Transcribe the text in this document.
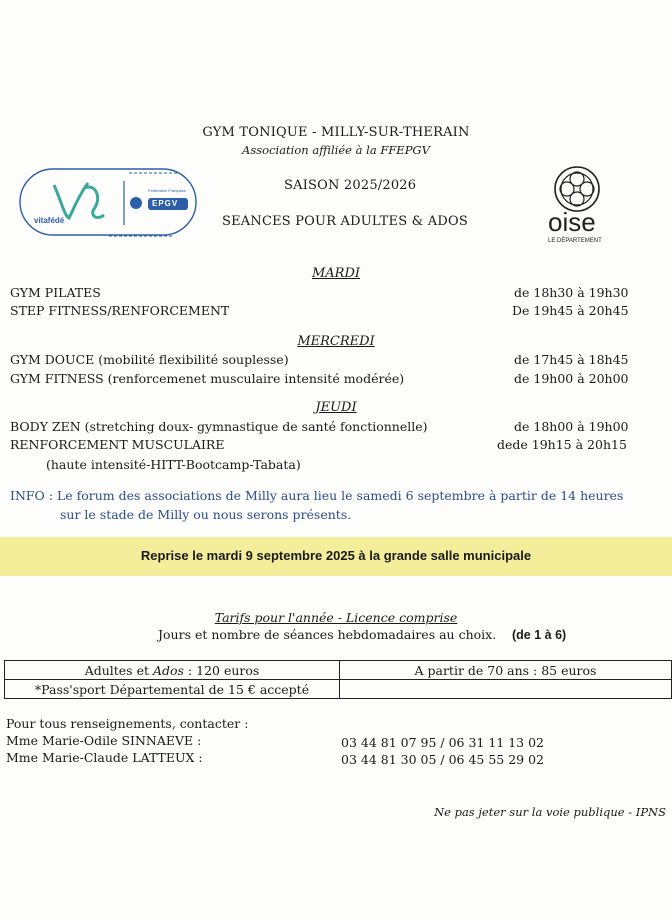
GYM TONIQUE - MILLY-SUR-THERAIN
Association affiliée à la FFEPGV
SAISON 2025/2026
SEANCES POUR ADULTES & ADOS
vitafédé
Fédération Française
EPGV
oise
LE DÉPARTEMENT
MARDI
GYM PILATES	de 18h30 à 19h30
STEP FITNESS/RENFORCEMENT	De 19h45 à 20h45
MERCREDI
GYM DOUCE (mobilité flexibilité souplesse)	de 17h45 à 18h45
GYM FITNESS (renforcemenet musculaire intensité modérée)	de 19h00 à 20h00
JEUDI
BODY ZEN (stretching doux- gymnastique de santé fonctionnelle)	de 18h00 à 19h00
RENFORCEMENT MUSCULAIRE	dede 19h15 à 20h15
(haute intensité-HITT-Bootcamp-Tabata)
INFO : Le forum des associations de Milly aura lieu le samedi 6 septembre à partir de 14 heures
sur le stade de Milly ou nous serons présents.
Reprise le mardi 9 septembre 2025 à la grande salle municipale
Tarifs pour l'année - Licence comprise
Jours et nombre de séances hebdomadaires au choix. (de 1 à 6)
Adultes et Ados : 120 euros	A partir de 70 ans : 85 euros
*Pass'sport Départemental de 15 € accepté	
Pour tous renseignements, contacter :
Mme Marie-Odile SINNAEVE :	03 44 81 07 95 / 06 31 11 13 02
Mme Marie-Claude LATTEUX :	03 44 81 30 05 / 06 45 55 29 02
Ne pas jeter sur la voie publique - IPNS
